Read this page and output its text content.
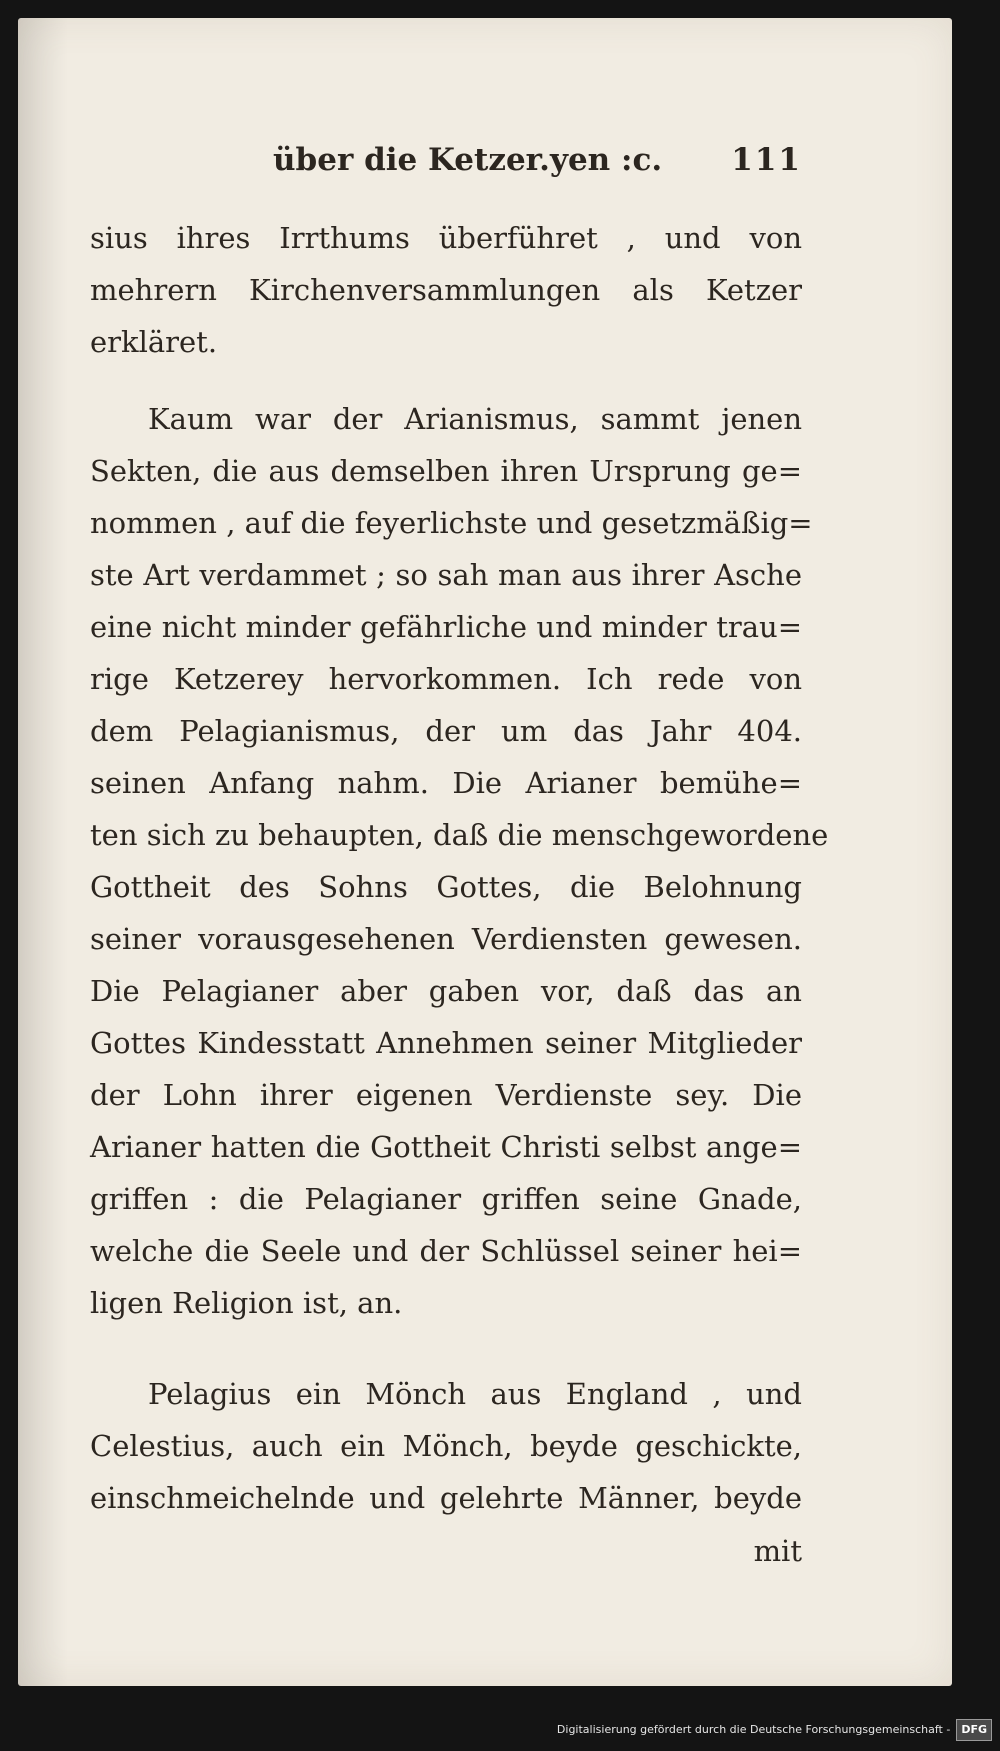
über die Ketzer.yen :c. 111
sius ihres Irrthums überführet , und von
mehrern Kirchenversammlungen als Ketzer
erkläret.
Kaum war der Arianismus, sammt jenen
Sekten, die aus demselben ihren Ursprung ge=
nommen , auf die feyerlichste und gesetzmäßig=
ste Art verdammet ; so sah man aus ihrer Asche
eine nicht minder gefährliche und minder trau=
rige Ketzerey hervorkommen. Ich rede von
dem Pelagianismus, der um das Jahr 404.
seinen Anfang nahm. Die Arianer bemühe=
ten sich zu behaupten, daß die menschgewordene
Gottheit des Sohns Gottes, die Belohnung
seiner vorausgesehenen Verdiensten gewesen.
Die Pelagianer aber gaben vor, daß das an
Gottes Kindesstatt Annehmen seiner Mitglieder
der Lohn ihrer eigenen Verdienste sey. Die
Arianer hatten die Gottheit Christi selbst ange=
griffen : die Pelagianer griffen seine Gnade,
welche die Seele und der Schlüssel seiner hei=
ligen Religion ist, an.
Pelagius ein Mönch aus England , und
Celestius, auch ein Mönch, beyde geschickte,
einschmeichelnde und gelehrte Männer, beyde
mit
Digitalisierung gefördert durch die Deutsche Forschungsgemeinschaft - DFG
